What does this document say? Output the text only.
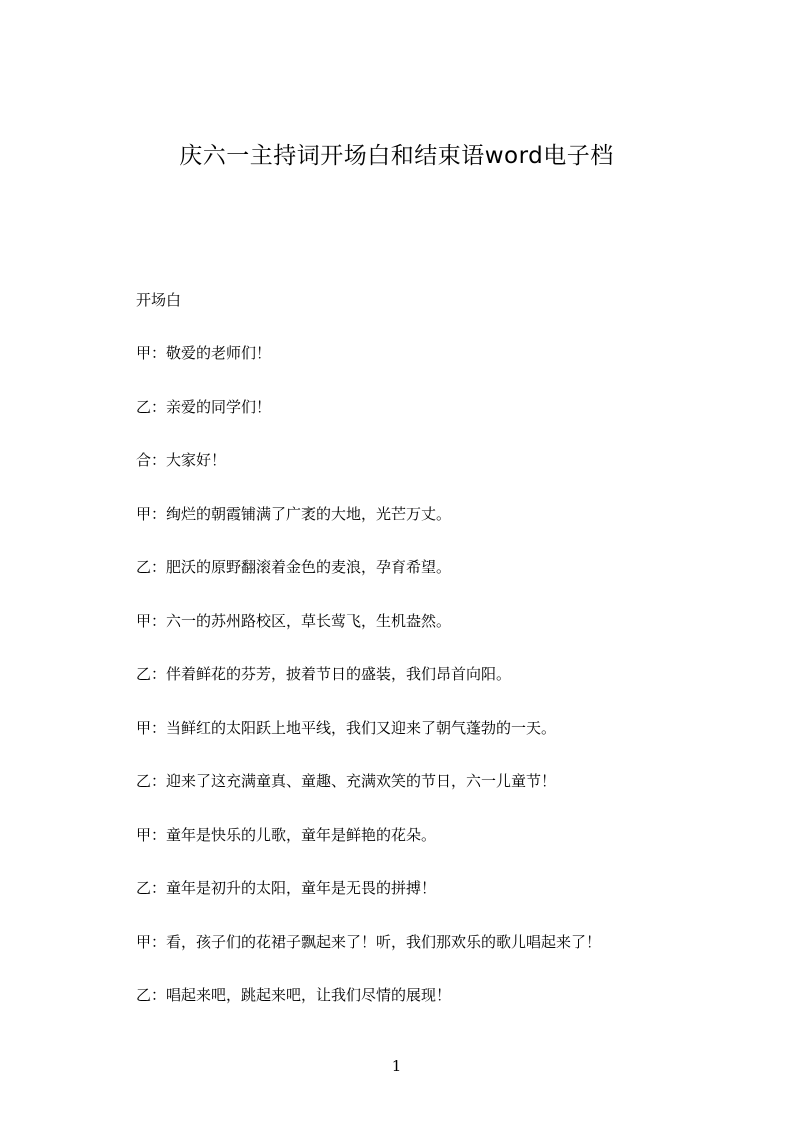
庆六一主持词开场白和结束语word电子档
开场白
甲：敬爱的老师们！
乙：亲爱的同学们！
合：大家好！
甲：绚烂的朝霞铺满了广袤的大地，光芒万丈。
乙：肥沃的原野翻滚着金色的麦浪，孕育希望。
甲：六一的苏州路校区，草长莺飞，生机盎然。
乙：伴着鲜花的芬芳，披着节日的盛装，我们昂首向阳。
甲：当鲜红的太阳跃上地平线，我们又迎来了朝气蓬勃的一天。
乙：迎来了这充满童真、童趣、充满欢笑的节日，六一儿童节！
甲：童年是快乐的儿歌，童年是鲜艳的花朵。
乙：童年是初升的太阳，童年是无畏的拼搏！
甲：看，孩子们的花裙子飘起来了！听，我们那欢乐的歌儿唱起来了！
乙：唱起来吧，跳起来吧，让我们尽情的展现！
1
